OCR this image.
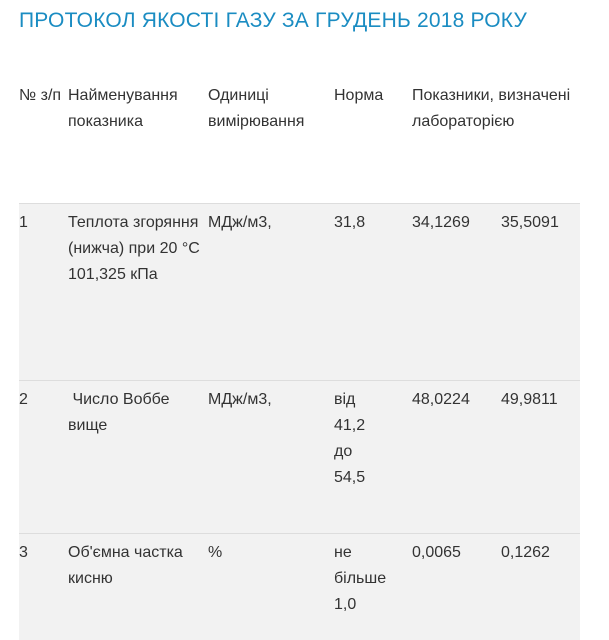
ПРОТОКОЛ ЯКОСТІ ГАЗУ ЗА ГРУДЕНЬ 2018 РОКУ
№ з/п	Найменування показника	Одиниці вимірювання	Норма	Показники, визначені лабораторією	
1	Теплота згоряння (нижча) при 20 °С 101,325 кПа	МДж/м3,	31,8	34,1269	35,5091
2	Число Воббе вище	МДж/м3,	від 41,2 до 54,5	48,0224	49,9811
3	Об'ємна частка кисню	%	не більше 1,0	0,0065	0,1262
